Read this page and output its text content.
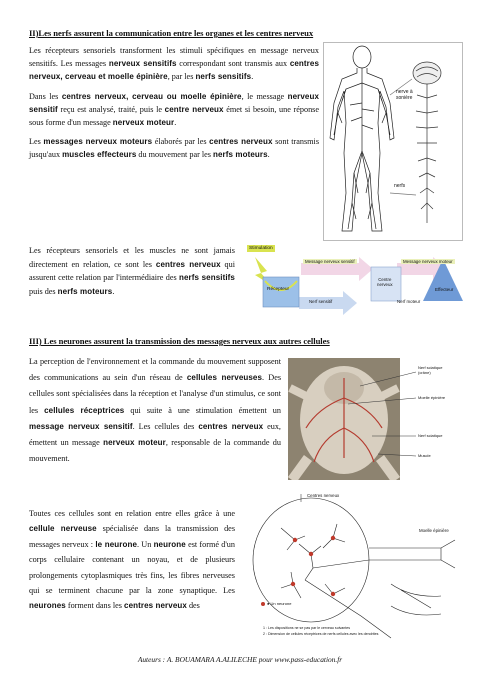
II)Les nerfs assurent la communication entre les organes et les centres nerveux

Les récepteurs sensoriels transforment les stimuli spécifiques en message nerveux sensitifs. Les messages nerveux sensitifs correspondant sont transmis aux centres nerveux, cerveau et moelle épinière, par les nerfs sensitifs.

Dans les centres nerveux, cerveau ou moelle épinière, le message nerveux sensitif reçu est analysé, traité, puis le centre nerveux émet si besoin, une réponse sous forme d'un message nerveux moteur.

Les messages nerveux moteurs élaborés par les centres nerveux sont transmis jusqu'aux muscles effecteurs du mouvement par les nerfs moteurs.

Les récepteurs sensoriels et les muscles ne sont jamais directement en relation, ce sont les centres nerveux qui assurent cette relation par l'intermédiaire des nerfs sensitifs puis des nerfs moteurs.

nerve à
sonière
nerfs
Stimulation
Récepteur
Message nerveux sensitif
Centre
nerveux
Message nerveux moteur
Effecteur
Nerf sensitif	Nerf moteur
III) Les neurones assurent la transmission des messages nerveux aux autres cellules

La perception de l'environnement et la commande du mouvement supposent des communications au sein d'un réseau de cellules nerveuses. Des cellules sont spécialisées dans la réception et l'analyse d'un stimulus, ce sont les cellules réceptrices qui suite à une stimulation émettent un message nerveux sensitif. Les cellules des centres nerveux eux, émettent un message nerveux moteur, responsable de la commande du mouvement.

Toutes ces cellules sont en relation entre elles grâce à une cellule nerveuse spécialisée dans la transmission des messages nerveux : le neurone. Un neurone est formé d'un corps cellulaire contenant un noyau, et de plusieurs prolongements cytoplasmiques très fins, les fibres nerveuses qui se terminent chacune par la zone synaptique. Les neurones forment dans les centres nerveux des

Nerf sciatique
(crâne)
Moelle épinière
Nerf sciatique
Muscle
Centres nerveux
Moelle épinière
● Un neurone
1 : Les dispositions ne se pas par le cerveau suivantes
2 : Dimension de cellules réceptrices de nerfs cellules avec les dendrites
Auteurs : A. BOUAMARA A.ALILECHE pour www.pass-education.fr
